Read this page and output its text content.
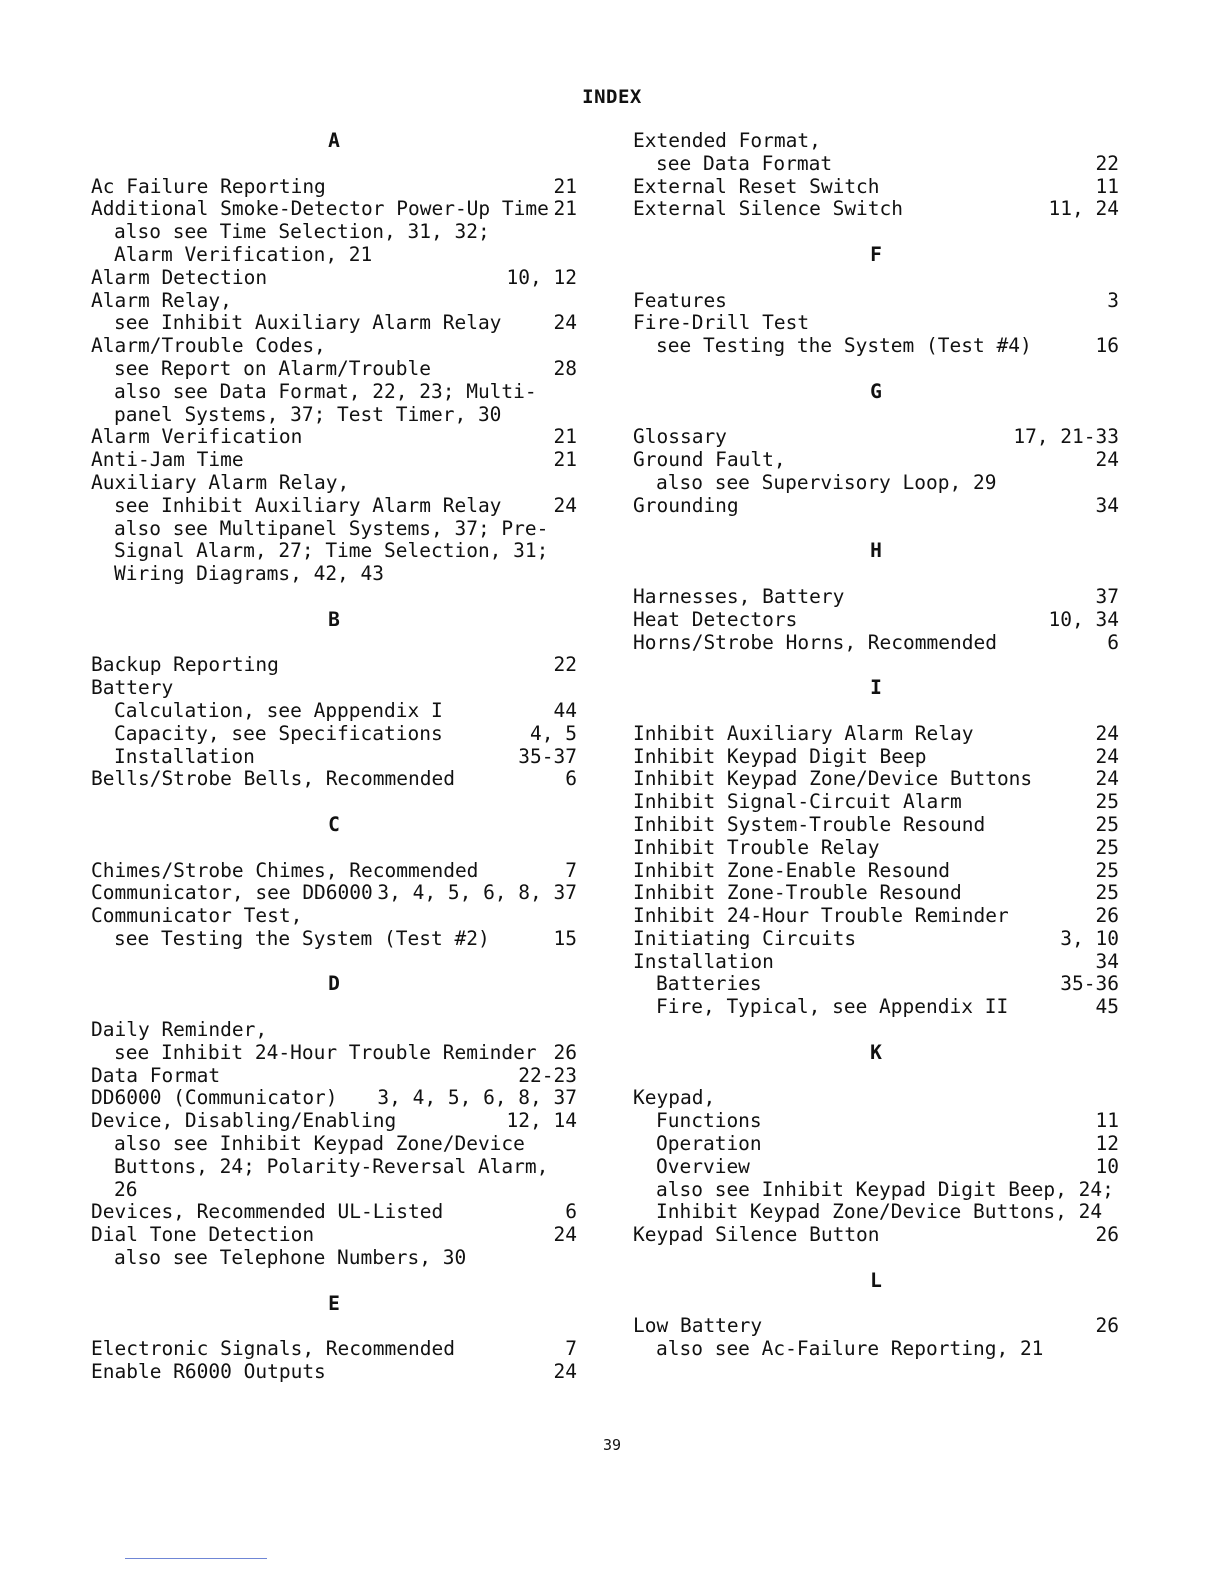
INDEX
A
Ac Failure Reporting	21
Additional Smoke-Detector Power-Up Time 21
also see Time Selection, 31, 32;
Alarm Verification, 21
Alarm Detection	10, 12
Alarm Relay,
see Inhibit Auxiliary Alarm Relay	24
Alarm/Trouble Codes,
see Report on Alarm/Trouble	28
also see Data Format, 22, 23; Multi-
panel Systems, 37; Test Timer, 30
Alarm Verification	21
Anti-Jam Time	21
Auxiliary Alarm Relay,
see Inhibit Auxiliary Alarm Relay	24
also see Multipanel Systems, 37; Pre-
Signal Alarm, 27; Time Selection, 31;
Wiring Diagrams, 42, 43
B
Backup Reporting	22
Battery
Calculation, see Apppendix I	44
Capacity, see Specifications	4, 5
Installation	35-37
Bells/Strobe Bells, Recommended	6
C
Chimes/Strobe Chimes, Recommended	7
Communicator, see DD6000 3, 4, 5, 6, 8, 37
Communicator Test,
see Testing the System (Test #2)	15
D
Daily Reminder,
see Inhibit 24-Hour Trouble Reminder 26
Data Format	22-23
DD6000 (Communicator) 3, 4, 5, 6, 8, 37
Device, Disabling/Enabling	12, 14
also see Inhibit Keypad Zone/Device
Buttons, 24; Polarity-Reversal Alarm,
26
Devices, Recommended UL-Listed	6
Dial Tone Detection	24
also see Telephone Numbers, 30
E
Electronic Signals, Recommended	7
Enable R6000 Outputs	24
Extended Format,
see Data Format	22
External Reset Switch	11
External Silence Switch	11, 24
F
Features	3
Fire-Drill Test
see Testing the System (Test #4)	16
G
Glossary	17, 21-33
Ground Fault,	24
also see Supervisory Loop, 29
Grounding	34
H
Harnesses, Battery	37
Heat Detectors	10, 34
Horns/Strobe Horns, Recommended	6
I
Inhibit Auxiliary Alarm Relay	24
Inhibit Keypad Digit Beep	24
Inhibit Keypad Zone/Device Buttons	24
Inhibit Signal-Circuit Alarm	25
Inhibit System-Trouble Resound	25
Inhibit Trouble Relay	25
Inhibit Zone-Enable Resound	25
Inhibit Zone-Trouble Resound	25
Inhibit 24-Hour Trouble Reminder	26
Initiating Circuits	3, 10
Installation	34
Batteries	35-36
Fire, Typical, see Appendix II	45
K
Keypad,
Functions	11
Operation	12
Overview	10
also see Inhibit Keypad Digit Beep, 24;
Inhibit Keypad Zone/Device Buttons, 24
Keypad Silence Button	26
L
Low Battery	26
also see Ac-Failure Reporting, 21
39
